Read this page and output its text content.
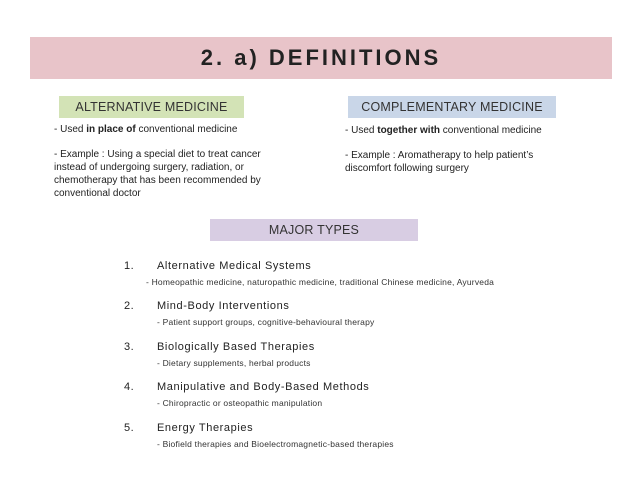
2. a) DEFINITIONS
ALTERNATIVE MEDICINE	COMPLEMENTARY MEDICINE

- Used in place of conventional medicine

- Example : Using a special diet to treat cancer

instead of undergoing surgery, radiation, or

chemotherapy that has been recommended by

conventional doctor

- Used together with conventional medicine

- Example : Aromatherapy to help patient’s

discomfort following surgery

MAJOR TYPES
1. Alternative Medical Systems
- Homeopathic medicine, naturopathic medicine, traditional Chinese medicine, Ayurveda
2. Mind-Body Interventions
- Patient support groups, cognitive-behavioural therapy
3. Biologically Based Therapies
- Dietary supplements, herbal products
4. Manipulative and Body-Based Methods
- Chiropractic or osteopathic manipulation
5. Energy Therapies
- Biofield therapies and Bioelectromagnetic-based therapies
